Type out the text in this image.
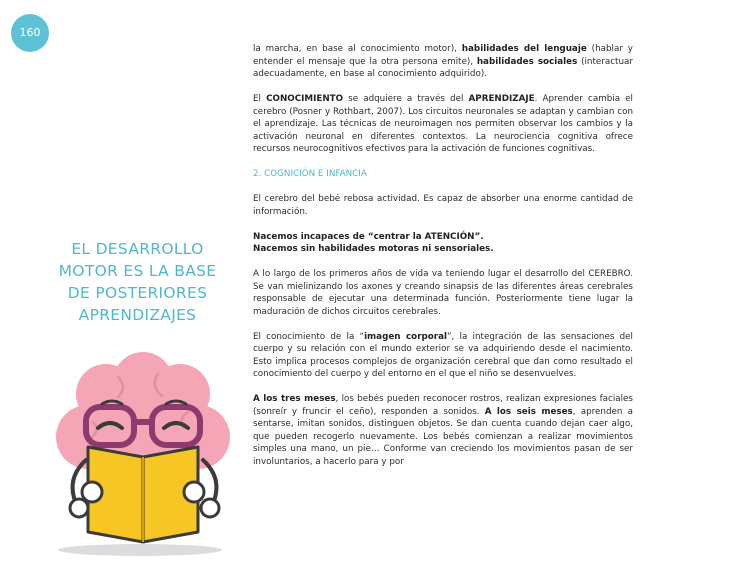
160
EL DESARROLLO MOTOR ES LA BASE DE POSTERIORES APRENDIZAJES

la marcha, en base al conocimiento motor), habilidades del lenguaje (hablar y entender el mensaje que la otra persona emite), habilidades sociales (interactuar adecuadamente, en base al conocimiento adquirido).

El CONOCIMIENTO se adquiere a través del APRENDIZAJE. Aprender cambia el cerebro (Posner y Rothbart, 2007). Los circuitos neuronales se adaptan y cambian con el aprendizaje. Las técnicas de neuroimagen nos permiten observar los cambios y la activación neuronal en diferentes contextos. La neurociencia cognitiva ofrece recursos neurocognitivos efectivos para la activación de funciones cognitivas.

2. COGNICIÓN E INFANCIA

El cerebro del bebé rebosa actividad. Es capaz de absorber una enorme cantidad de información.

Nacemos incapaces de “centrar la ATENCIÓN”.
Nacemos sin habilidades motoras ni sensoriales.

A lo largo de los primeros años de vida va teniendo lugar el desarrollo del CEREBRO. Se van mielinizando los axones y creando sinapsis de las diferentes áreas cerebrales responsable de ejecutar una determinada función. Posteriormente tiene lugar la maduración de dichos circuitos cerebrales.

El conocimiento de la “imagen corporal”, la integración de las sensaciones del cuerpo y su relación con el mundo exterior se va adquiriendo desde el nacimiento. Esto implica procesos complejos de organización cerebral que dan como resultado el conocimiento del cuerpo y del entorno en el que el niño se desenvuelves.

A los tres meses, los bebés pueden reconocer rostros, realizan expresiones faciales (sonreír y fruncir el ceño), responden a sonidos. A los seis meses, aprenden a sentarse, imitan sonidos, distinguen objetos. Se dan cuenta cuando dejan caer algo, que pueden recogerlo nuevamente. Los bebés comienzan a realizar movimientos simples una mano, un pie… Conforme van creciendo los movimientos pasan de ser involuntarios, a hacerlo para y por
